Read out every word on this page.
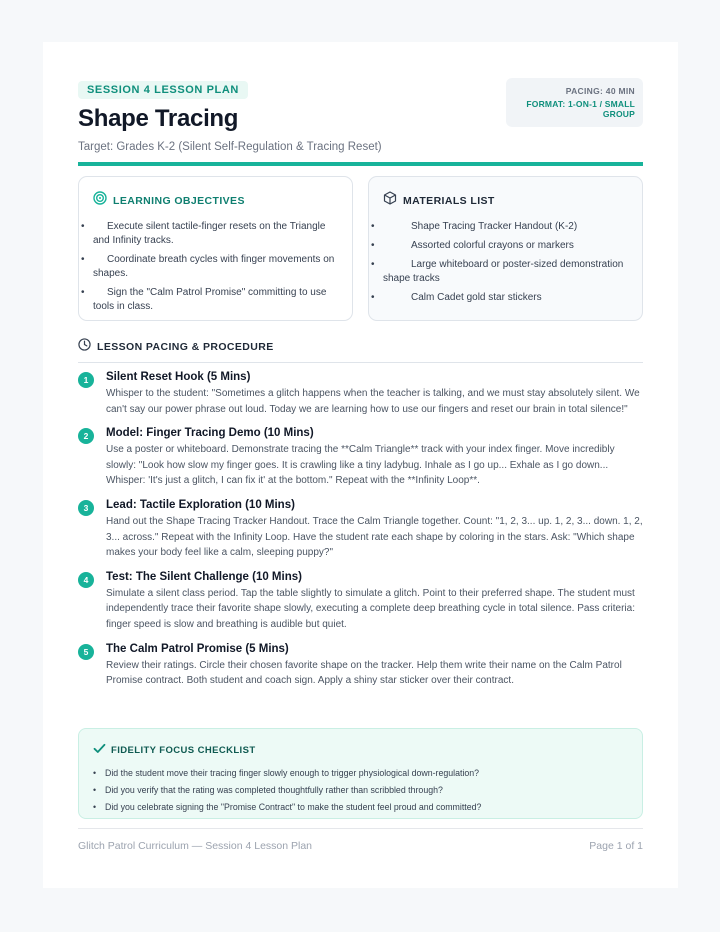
SESSION 4 LESSON PLAN
Shape Tracing
Target: Grades K-2 (Silent Self-Regulation & Tracing Reset)
PACING: 40 MIN
FORMAT: 1-ON-1 / SMALL GROUP
LEARNING OBJECTIVES
• Execute silent tactile-finger resets on the Triangle and Infinity tracks.
• Coordinate breath cycles with finger movements on shapes.
• Sign the "Calm Patrol Promise" committing to use tools in class.
MATERIALS LIST
• Shape Tracing Tracker Handout (K-2)
• Assorted colorful crayons or markers
• Large whiteboard or poster-sized demonstration shape tracks
• Calm Cadet gold star stickers
LESSON PACING & PROCEDURE
1	Silent Reset Hook (5 Mins)
Whisper to the student: "Sometimes a glitch happens when the teacher is talking, and we must stay absolutely silent. We can't say our power phrase out loud. Today we are learning how to use our fingers and reset our brain in total silence!"
2	Model: Finger Tracing Demo (10 Mins)
Use a poster or whiteboard. Demonstrate tracing the **Calm Triangle** track with your index finger. Move incredibly slowly: "Look how slow my finger goes. It is crawling like a tiny ladybug. Inhale as I go up... Exhale as I go down... Whisper: 'It's just a glitch, I can fix it' at the bottom." Repeat with the **Infinity Loop**.
3	Lead: Tactile Exploration (10 Mins)
Hand out the Shape Tracing Tracker Handout. Trace the Calm Triangle together. Count: "1, 2, 3... up. 1, 2, 3... down. 1, 2, 3... across." Repeat with the Infinity Loop. Have the student rate each shape by coloring in the stars. Ask: "Which shape makes your body feel like a calm, sleeping puppy?"
4	Test: The Silent Challenge (10 Mins)
Simulate a silent class period. Tap the table slightly to simulate a glitch. Point to their preferred shape. The student must independently trace their favorite shape slowly, executing a complete deep breathing cycle in total silence. Pass criteria: finger speed is slow and breathing is audible but quiet.
5	The Calm Patrol Promise (5 Mins)
Review their ratings. Circle their chosen favorite shape on the tracker. Help them write their name on the Calm Patrol Promise contract. Both student and coach sign. Apply a shiny star sticker over their contract.
FIDELITY FOCUS CHECKLIST
• Did the student move their tracing finger slowly enough to trigger physiological down-regulation?
• Did you verify that the rating was completed thoughtfully rather than scribbled through?
• Did you celebrate signing the "Promise Contract" to make the student feel proud and committed?
Glitch Patrol Curriculum — Session 4 Lesson Plan	Page 1 of 1
